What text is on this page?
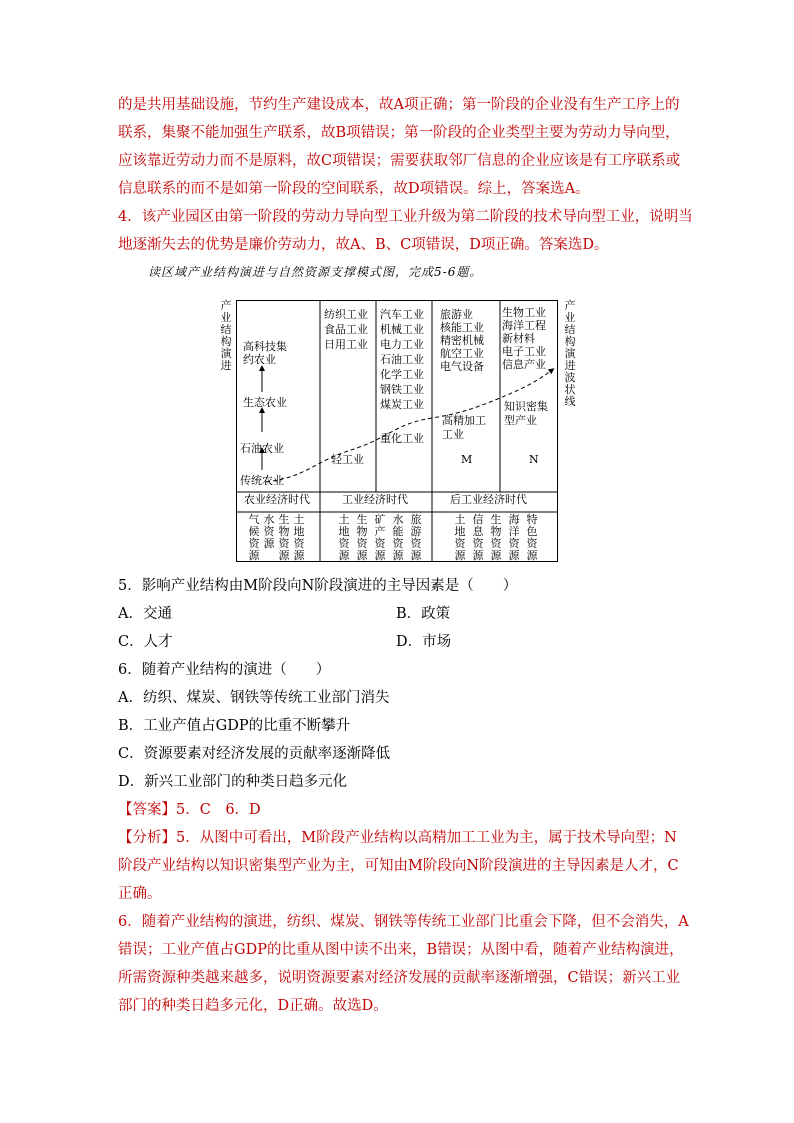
的是共用基础设施，节约生产建设成本，故A项正确；第一阶段的企业没有生产工序上的
联系，集聚不能加强生产联系，故B项错误；第一阶段的企业类型主要为劳动力导向型，
应该靠近劳动力而不是原料，故C项错误；需要获取邻厂信息的企业应该是有工序联系或
信息联系的而不是如第一阶段的空间联系，故D项错误。综上，答案选A。
4．该产业园区由第一阶段的劳动力导向型工业升级为第二阶段的技术导向型工业，说明当
地逐渐失去的优势是廉价劳动力，故A、B、C项错误，D项正确。答案选D。
读区域产业结构演进与自然资源支撑模式图，完成5-6题。
产业结构演进
高科技集
约农业
生态农业
石油农业
传统农业
纺织工业
食品工业
日用工业
轻工业
汽车工业
机械工业
电力工业
石油工业
化学工业
钢铁工业
煤炭工业
重化工业
旅游业
核能工业
精密机械
航空工业
电气设备
高精加工
工业
M
生物工业
海洋工程
新材料
电子工业
信息产业
知识密集
型产业
N
农业经济时代	工业经济时代	后工业经济时代
气候资源
水资源
生物资源
土地资源
土地资源
生物资源
矿产资源
水能资源
旅游资源
土地资源
信息资源
生物资源
海洋资源
特色资源
产业结构演进波状线
5．影响产业结构由M阶段向N阶段演进的主导因素是（　　）
A．交通	B．政策
C．人才	D．市场
6．随着产业结构的演进（　　）
A．纺织、煤炭、钢铁等传统工业部门消失
B．工业产值占GDP的比重不断攀升
C．资源要素对经济发展的贡献率逐渐降低
D．新兴工业部门的种类日趋多元化
【答案】5．C　6．D
【分析】5．从图中可看出，M阶段产业结构以高精加工工业为主，属于技术导向型；N
阶段产业结构以知识密集型产业为主，可知由M阶段向N阶段演进的主导因素是人才，C
正确。
6．随着产业结构的演进，纺织、煤炭、钢铁等传统工业部门比重会下降，但不会消失，A
错误；工业产值占GDP的比重从图中读不出来，B错误；从图中看，随着产业结构演进，
所需资源种类越来越多，说明资源要素对经济发展的贡献率逐渐增强，C错误；新兴工业
部门的种类日趋多元化，D正确。故选D。
